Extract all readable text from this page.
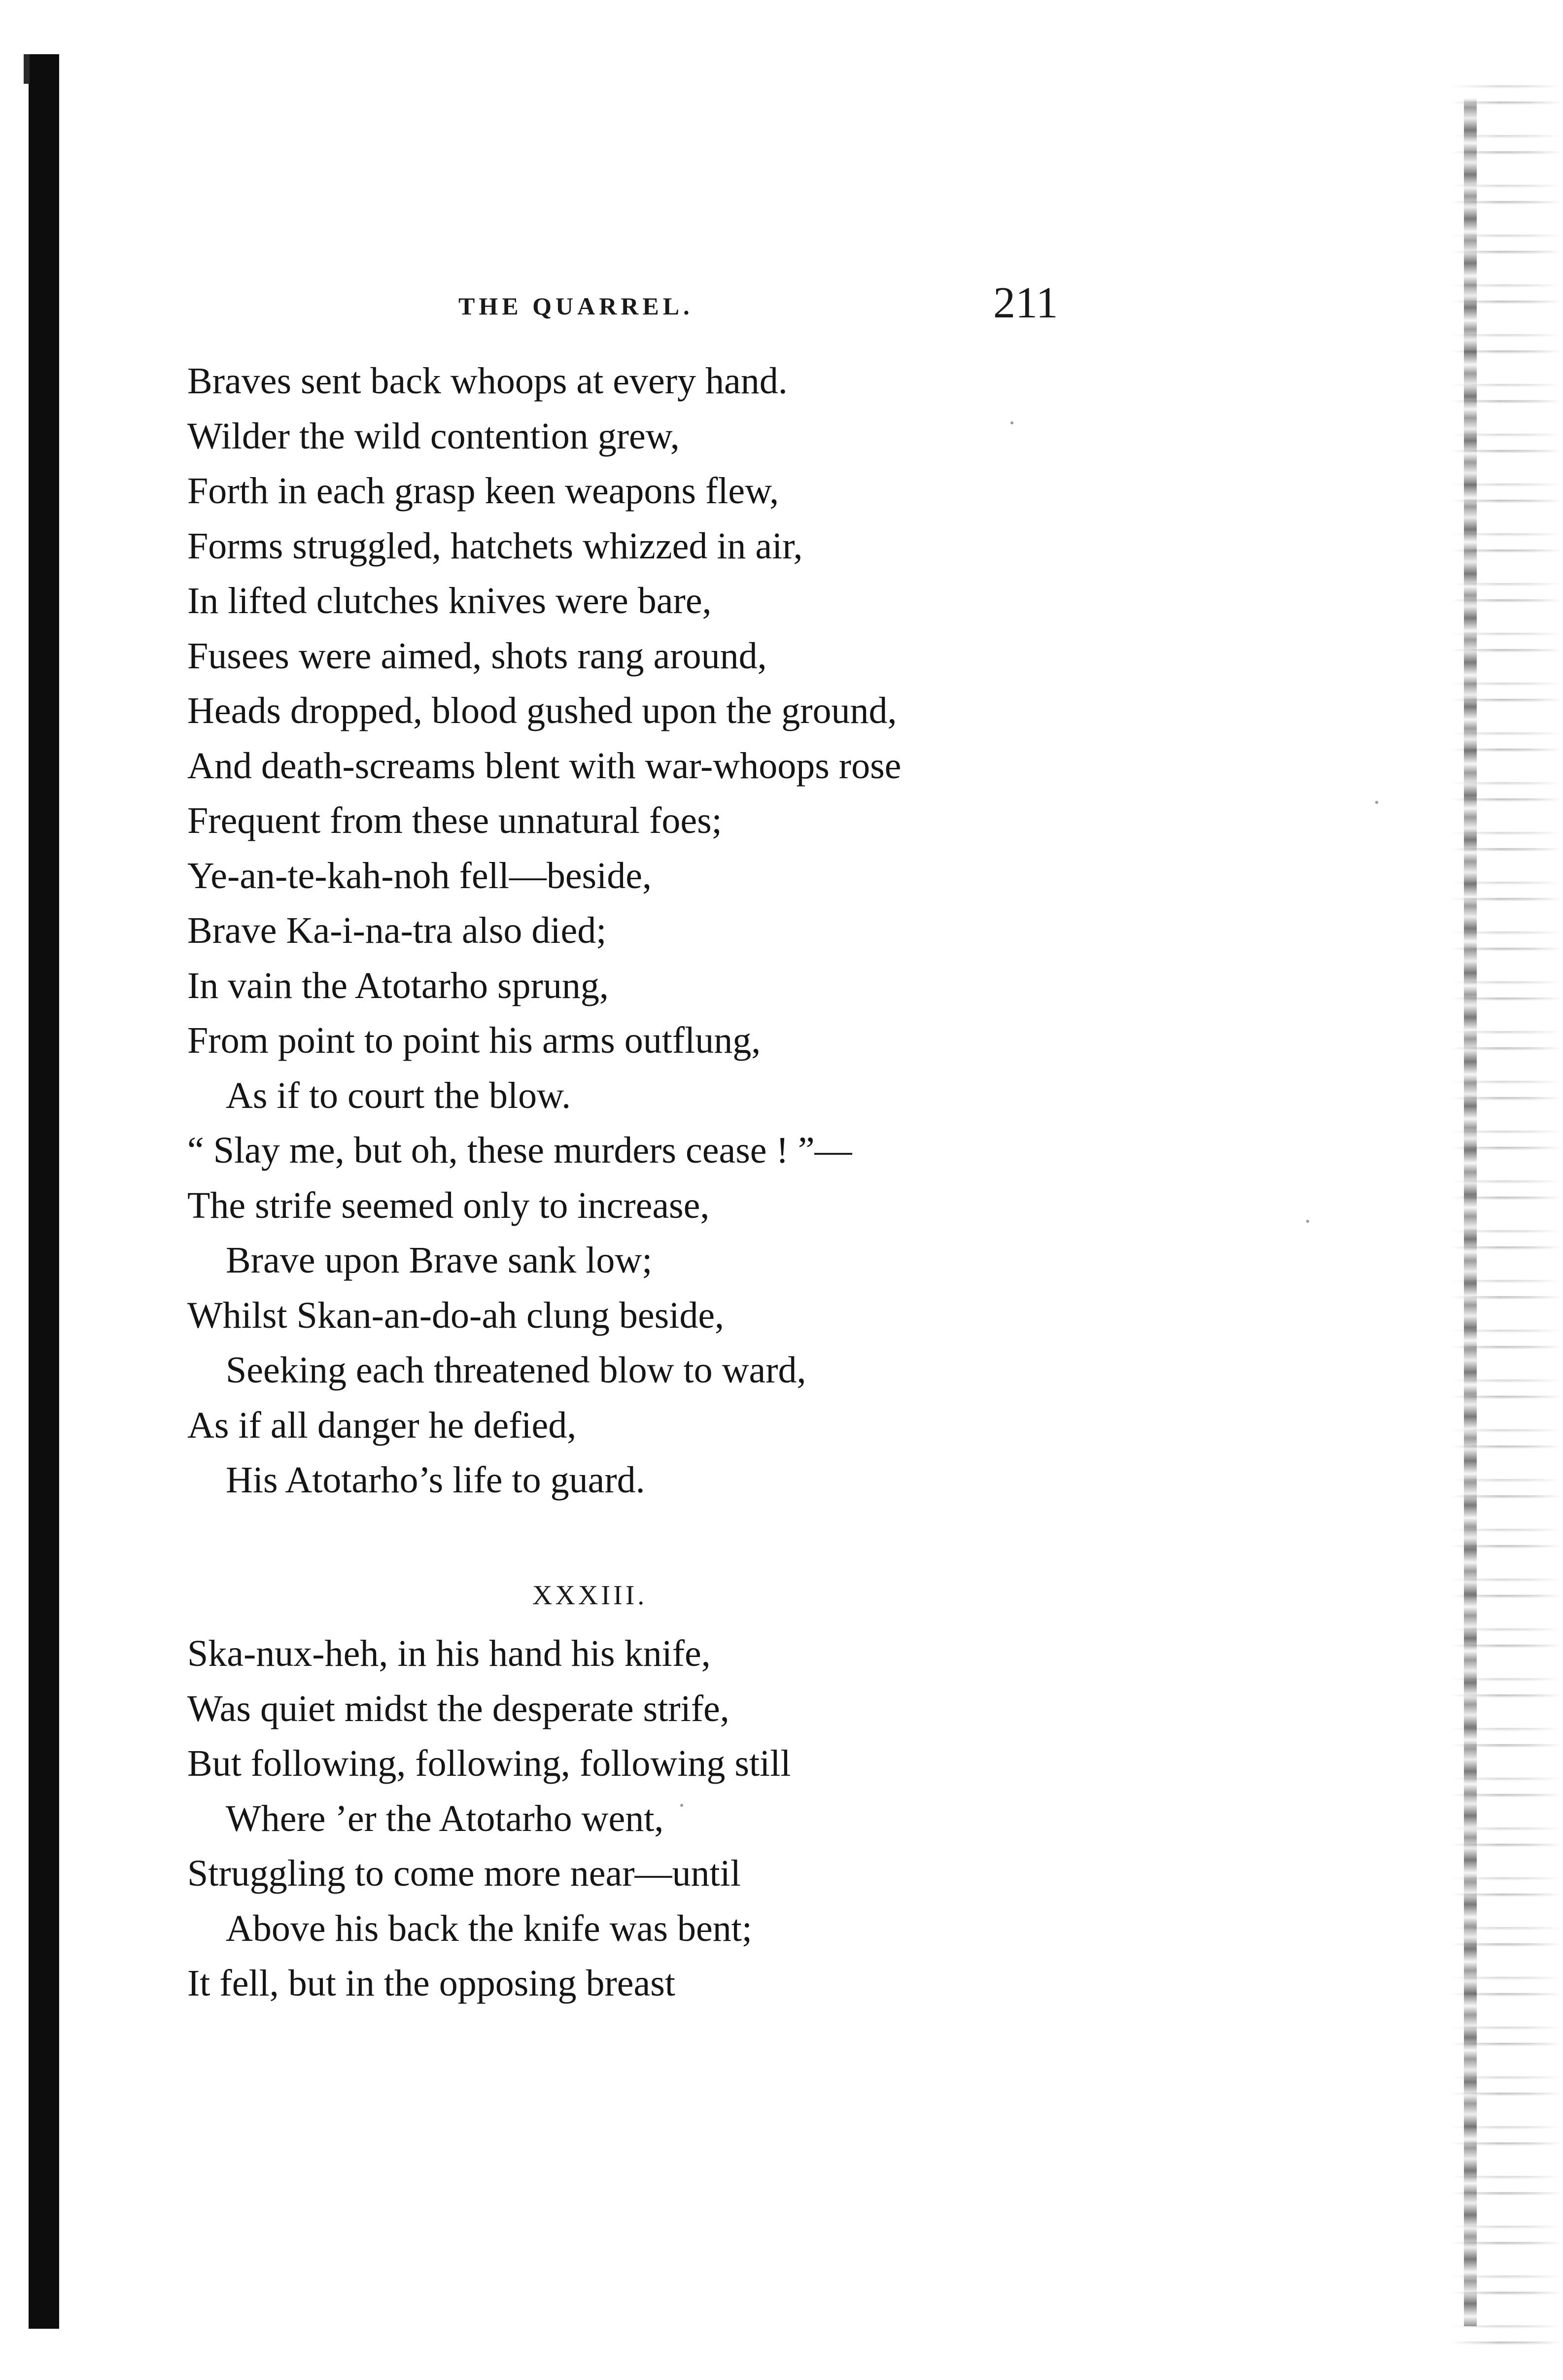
THE QUARREL.	211
Braves sent back whoops at every hand.
Wilder the wild contention grew,
Forth in each grasp keen weapons flew,
Forms struggled, hatchets whizzed in air,
In lifted clutches knives were bare,
Fusees were aimed, shots rang around,
Heads dropped, blood gushed upon the ground,
And death-screams blent with war-whoops rose
Frequent from these unnatural foes;
Ye-an-te-kah-noh fell—beside,
Brave Ka-i-na-tra also died;
In vain the Atotarho sprung,
From point to point his arms outflung,
As if to court the blow.
“ Slay me, but oh, these murders cease ! ”—
The strife seemed only to increase,
Brave upon Brave sank low;
Whilst Skan-an-do-ah clung beside,
Seeking each threatened blow to ward,
As if all danger he defied,
His Atotarho’s life to guard.
XXXIII.
Ska-nux-heh, in his hand his knife,
Was quiet midst the desperate strife,
But following, following, following still
Where ’er the Atotarho went,
Struggling to come more near—until
Above his back the knife was bent;
It fell, but in the opposing breast
